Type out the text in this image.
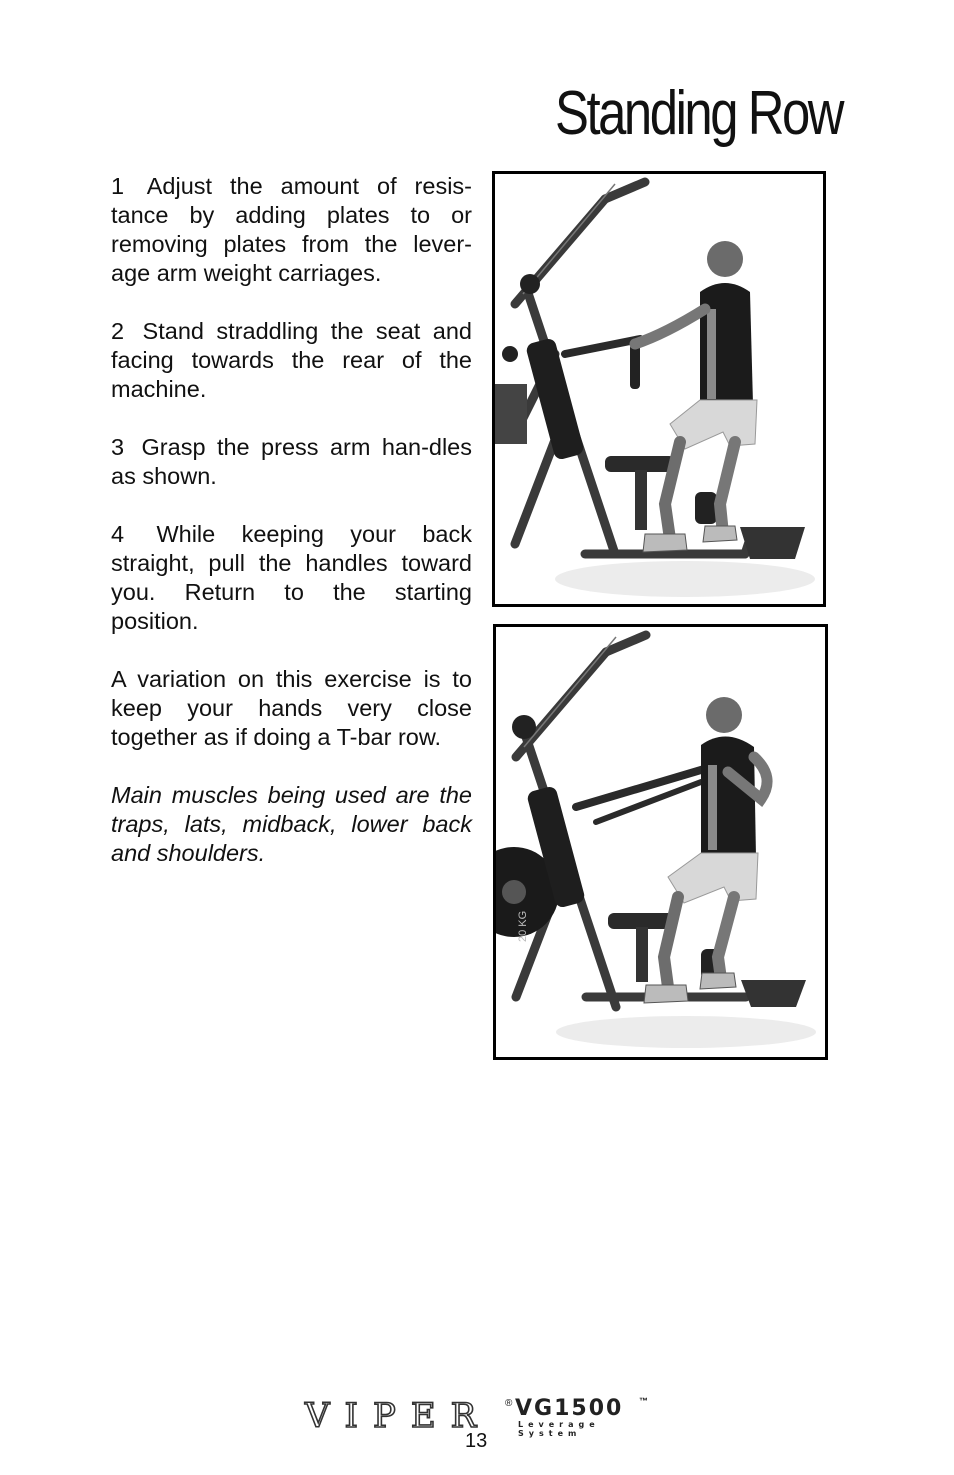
Standing Row

1 Adjust the amount of resis-tance by adding plates to or removing plates from the lever-age arm weight carriages.

2 Stand straddling the seat and facing towards the rear of the machine.

3 Grasp the press arm han-dles as shown.

4 While keeping your back straight, pull the handles toward you. Return to the starting position.

A variation on this exercise is to keep your hands very close together as if doing a T-bar row.

Main muscles being used are the traps, lats, midback, lower back and shoulders.

20 KG
VIPER ® VG1500 ™
Leverage System
13
